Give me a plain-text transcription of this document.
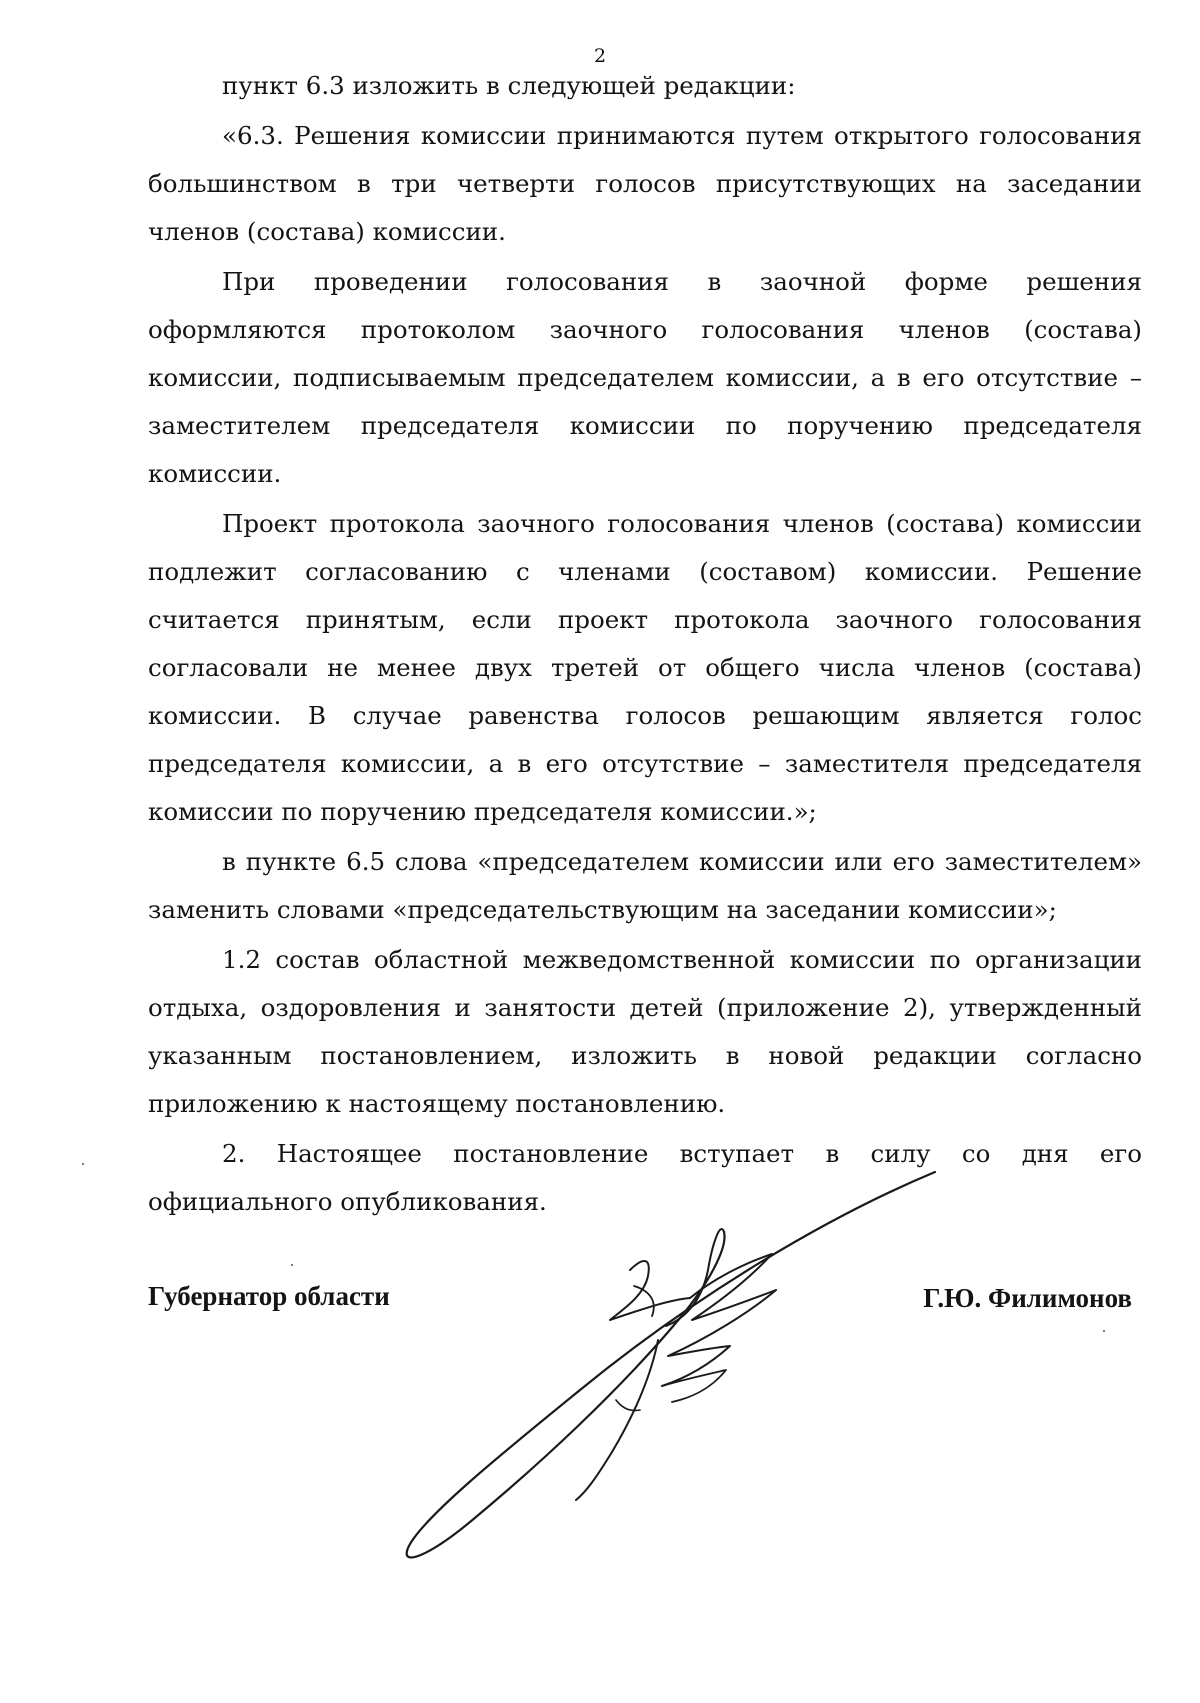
2

пункт 6.3 изложить в следующей редакции:

«6.3. Решения комиссии принимаются путем открытого голосования большинством в три четверти голосов присутствующих на заседании членов (состава) комиссии.

При проведении голосования в заочной форме решения оформляются протоколом заочного голосования членов (состава) комиссии, подписываемым председателем комиссии, а в его отсутствие – заместителем председателя комиссии по поручению председателя комиссии.

Проект протокола заочного голосования членов (состава) комиссии подлежит согласованию с членами (составом) комиссии. Решение считается принятым, если проект протокола заочного голосования согласовали не менее двух третей от общего числа членов (состава) комиссии. В случае равенства голосов решающим является голос председателя комиссии, а в его отсутствие – заместителя председателя комиссии по поручению председателя комиссии.»;

в пункте 6.5 слова «председателем комиссии или его заместителем» заменить словами «председательствующим на заседании комиссии»;

1.2 состав областной межведомственной комиссии по организации отдыха, оздоровления и занятости детей (приложение 2), утвержденный указанным постановлением, изложить в новой редакции согласно приложению к настоящему постановлению.

2. Настоящее постановление вступает в силу со дня его официального опубликования.

Губернатор области	Г.Ю. Филимонов
